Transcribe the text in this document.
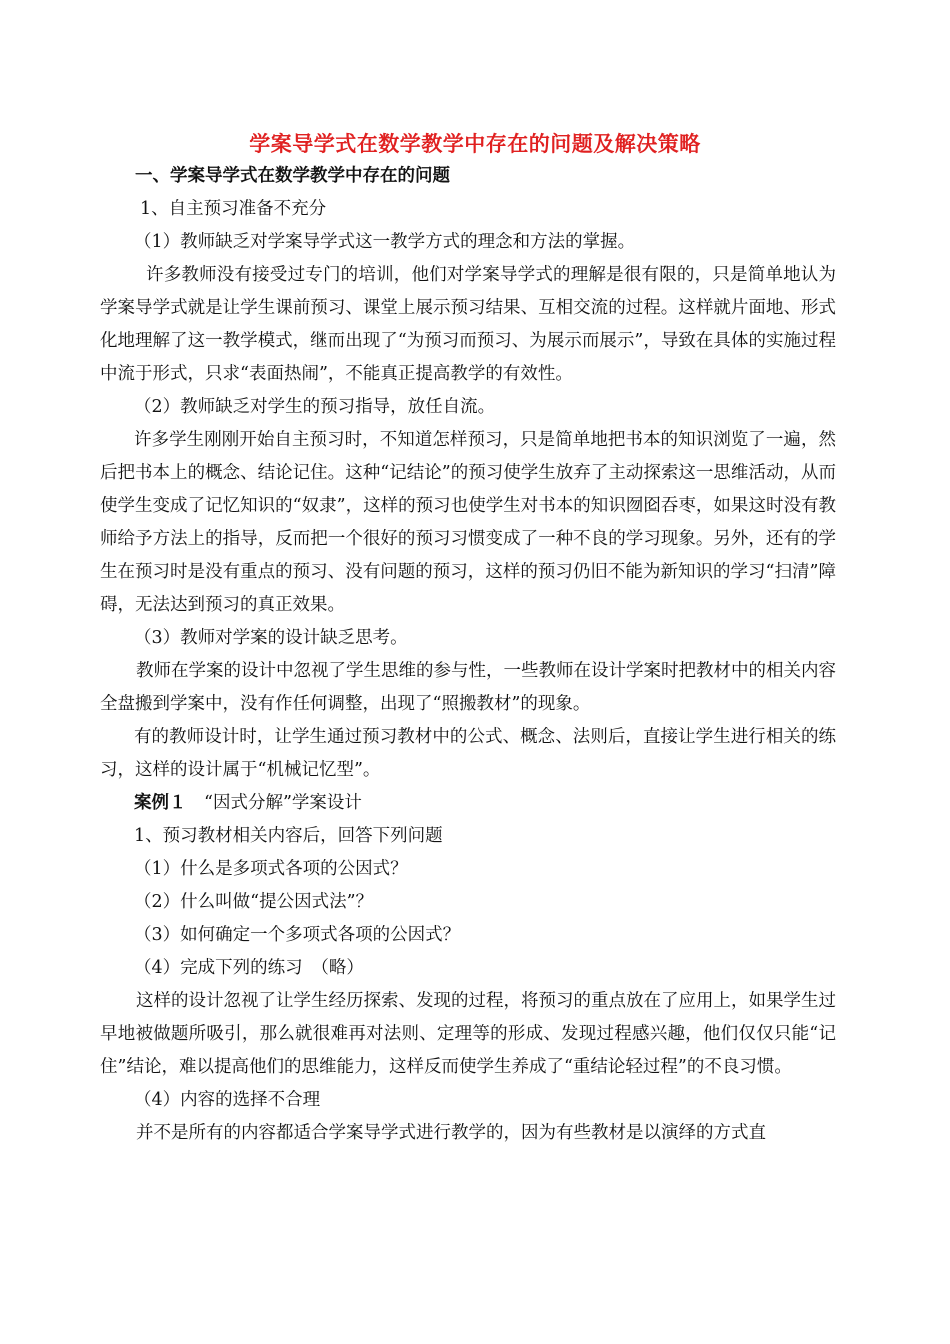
学案导学式在数学教学中存在的问题及解决策略

一、学案导学式在数学教学中存在的问题

1、自主预习准备不充分

（1）教师缺乏对学案导学式这一教学方式的理念和方法的掌握。

许多教师没有接受过专门的培训，他们对学案导学式的理解是很有限的，只是简单地认为学案导学式就是让学生课前预习、课堂上展示预习结果、互相交流的过程。这样就片面地、形式化地理解了这一教学模式，继而出现了“为预习而预习、为展示而展示”，导致在具体的实施过程中流于形式，只求“表面热闹”，不能真正提高教学的有效性。

（2）教师缺乏对学生的预习指导，放任自流。

许多学生刚刚开始自主预习时，不知道怎样预习，只是简单地把书本的知识浏览了一遍，然后把书本上的概念、结论记住。这种“记结论”的预习使学生放弃了主动探索这一思维活动，从而使学生变成了记忆知识的“奴隶”，这样的预习也使学生对书本的知识囫囵吞枣，如果这时没有教师给予方法上的指导，反而把一个很好的预习习惯变成了一种不良的学习现象。另外，还有的学生在预习时是没有重点的预习、没有问题的预习，这样的预习仍旧不能为新知识的学习“扫清”障碍，无法达到预习的真正效果。

（3）教师对学案的设计缺乏思考。

教师在学案的设计中忽视了学生思维的参与性，一些教师在设计学案时把教材中的相关内容全盘搬到学案中，没有作任何调整，出现了“照搬教材”的现象。

有的教师设计时，让学生通过预习教材中的公式、概念、法则后，直接让学生进行相关的练习，这样的设计属于“机械记忆型”。

案例１　“因式分解”学案设计

1、预习教材相关内容后，回答下列问题

（1）什么是多项式各项的公因式？

（2）什么叫做“提公因式法”？

（3）如何确定一个多项式各项的公因式？

（4）完成下列的练习　（略）

这样的设计忽视了让学生经历探索、发现的过程，将预习的重点放在了应用上，如果学生过早地被做题所吸引，那么就很难再对法则、定理等的形成、发现过程感兴趣，他们仅仅只能“记住”结论，难以提高他们的思维能力，这样反而使学生养成了“重结论轻过程”的不良习惯。

（4）内容的选择不合理

并不是所有的内容都适合学案导学式进行教学的，因为有些教材是以演绎的方式直
